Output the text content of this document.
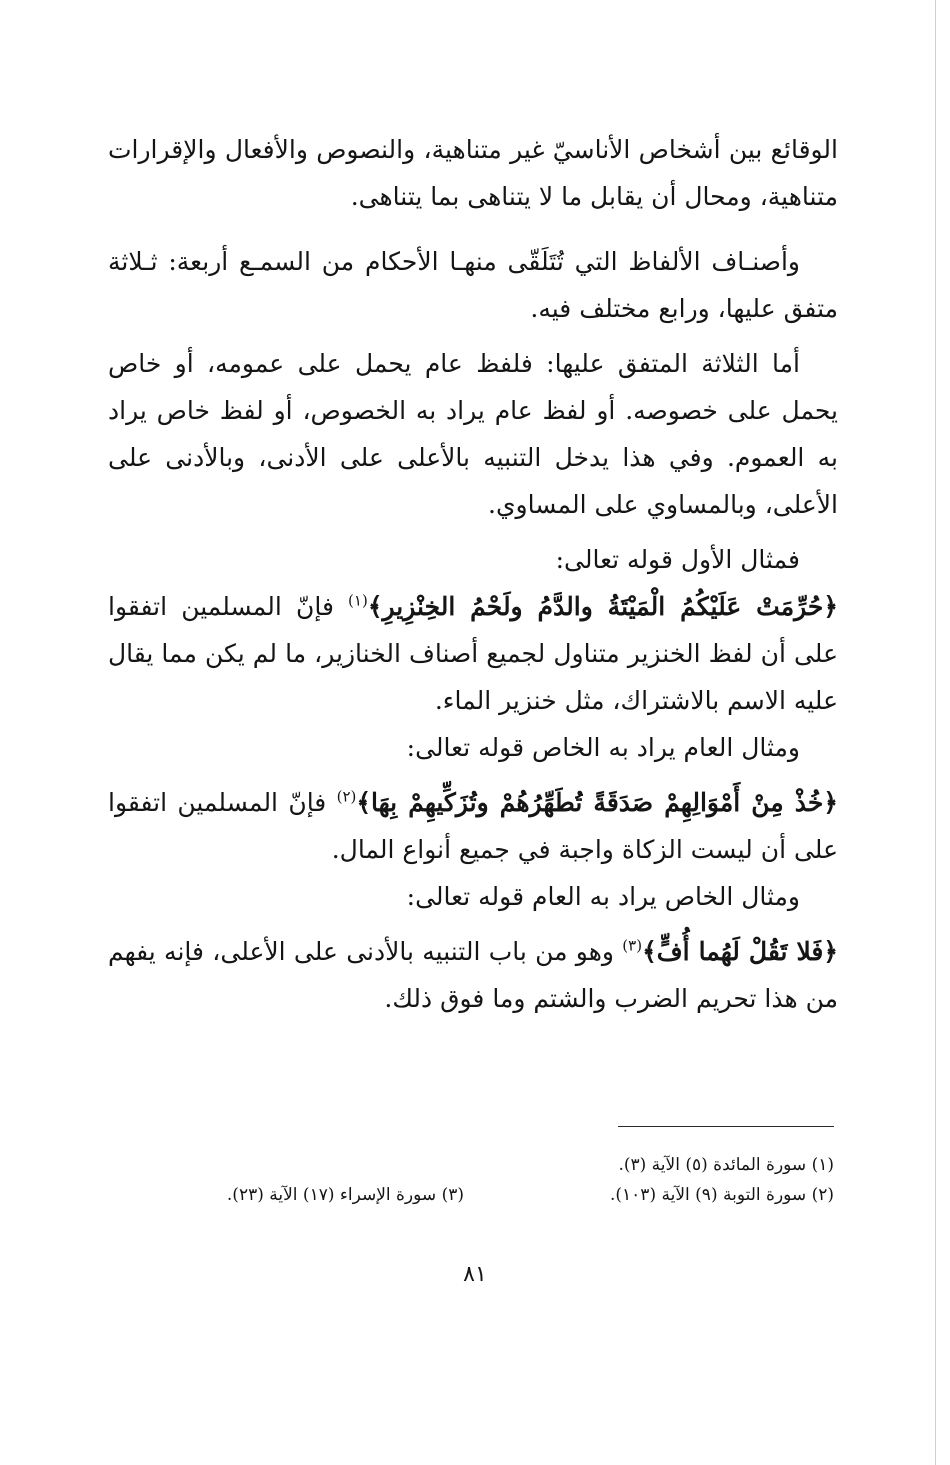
الوقائع بين أشخاص الأناسيّ غير متناهية، والنصوص والأفعال والإقرارات متناهية، ومحال أن يقابل ما لا يتناهى بما يتناهى.

وأصنـاف الألفاظ التي تُتَلَقّى منهـا الأحكام من السمـع أربعة: ثـلاثة متفق عليها، ورابع مختلف فيه.

أما الثلاثة المتفق عليها: فلفظ عام يحمل على عمومه، أو خاص يحمل على خصوصه. أو لفظ عام يراد به الخصوص، أو لفظ خاص يراد به العموم. وفي هذا يدخل التنبيه بالأعلى على الأدنى، وبالأدنى على الأعلى، وبالمساوي على المساوي.

فمثال الأول قوله تعالى:

﴿حُرِّمَتْ عَلَيْكُمُ الْمَيْتَةُ والدَّمُ ولَحْمُ الخِنْزِيرِ﴾$^{(١)}$ فإنّ المسلمين اتفقوا على أن لفظ الخنزير متناول لجميع أصناف الخنازير، ما لم يكن مما يقال عليه الاسم بالاشتراك، مثل خنزير الماء.

ومثال العام يراد به الخاص قوله تعالى:

﴿خُذْ مِنْ أَمْوَالِهِمْ صَدَقَةً تُطَهِّرُهُمْ وتُزَكِّيهِمْ بِهَا﴾$^{(٢)}$ فإنّ المسلمين اتفقوا على أن ليست الزكاة واجبة في جميع أنواع المال.

ومثال الخاص يراد به العام قوله تعالى:

﴿فَلا تَقُلْ لَهُما أُفٍّ﴾$^{(٣)}$ وهو من باب التنبيه بالأدنى على الأعلى، فإنه يفهم من هذا تحريم الضرب والشتم وما فوق ذلك.

(١) سورة المائدة (٥) الآية (٣).
(٢) سورة التوبة (٩) الآية (١٠٣).
(٣) سورة الإسراء (١٧) الآية (٢٣).
٨١
